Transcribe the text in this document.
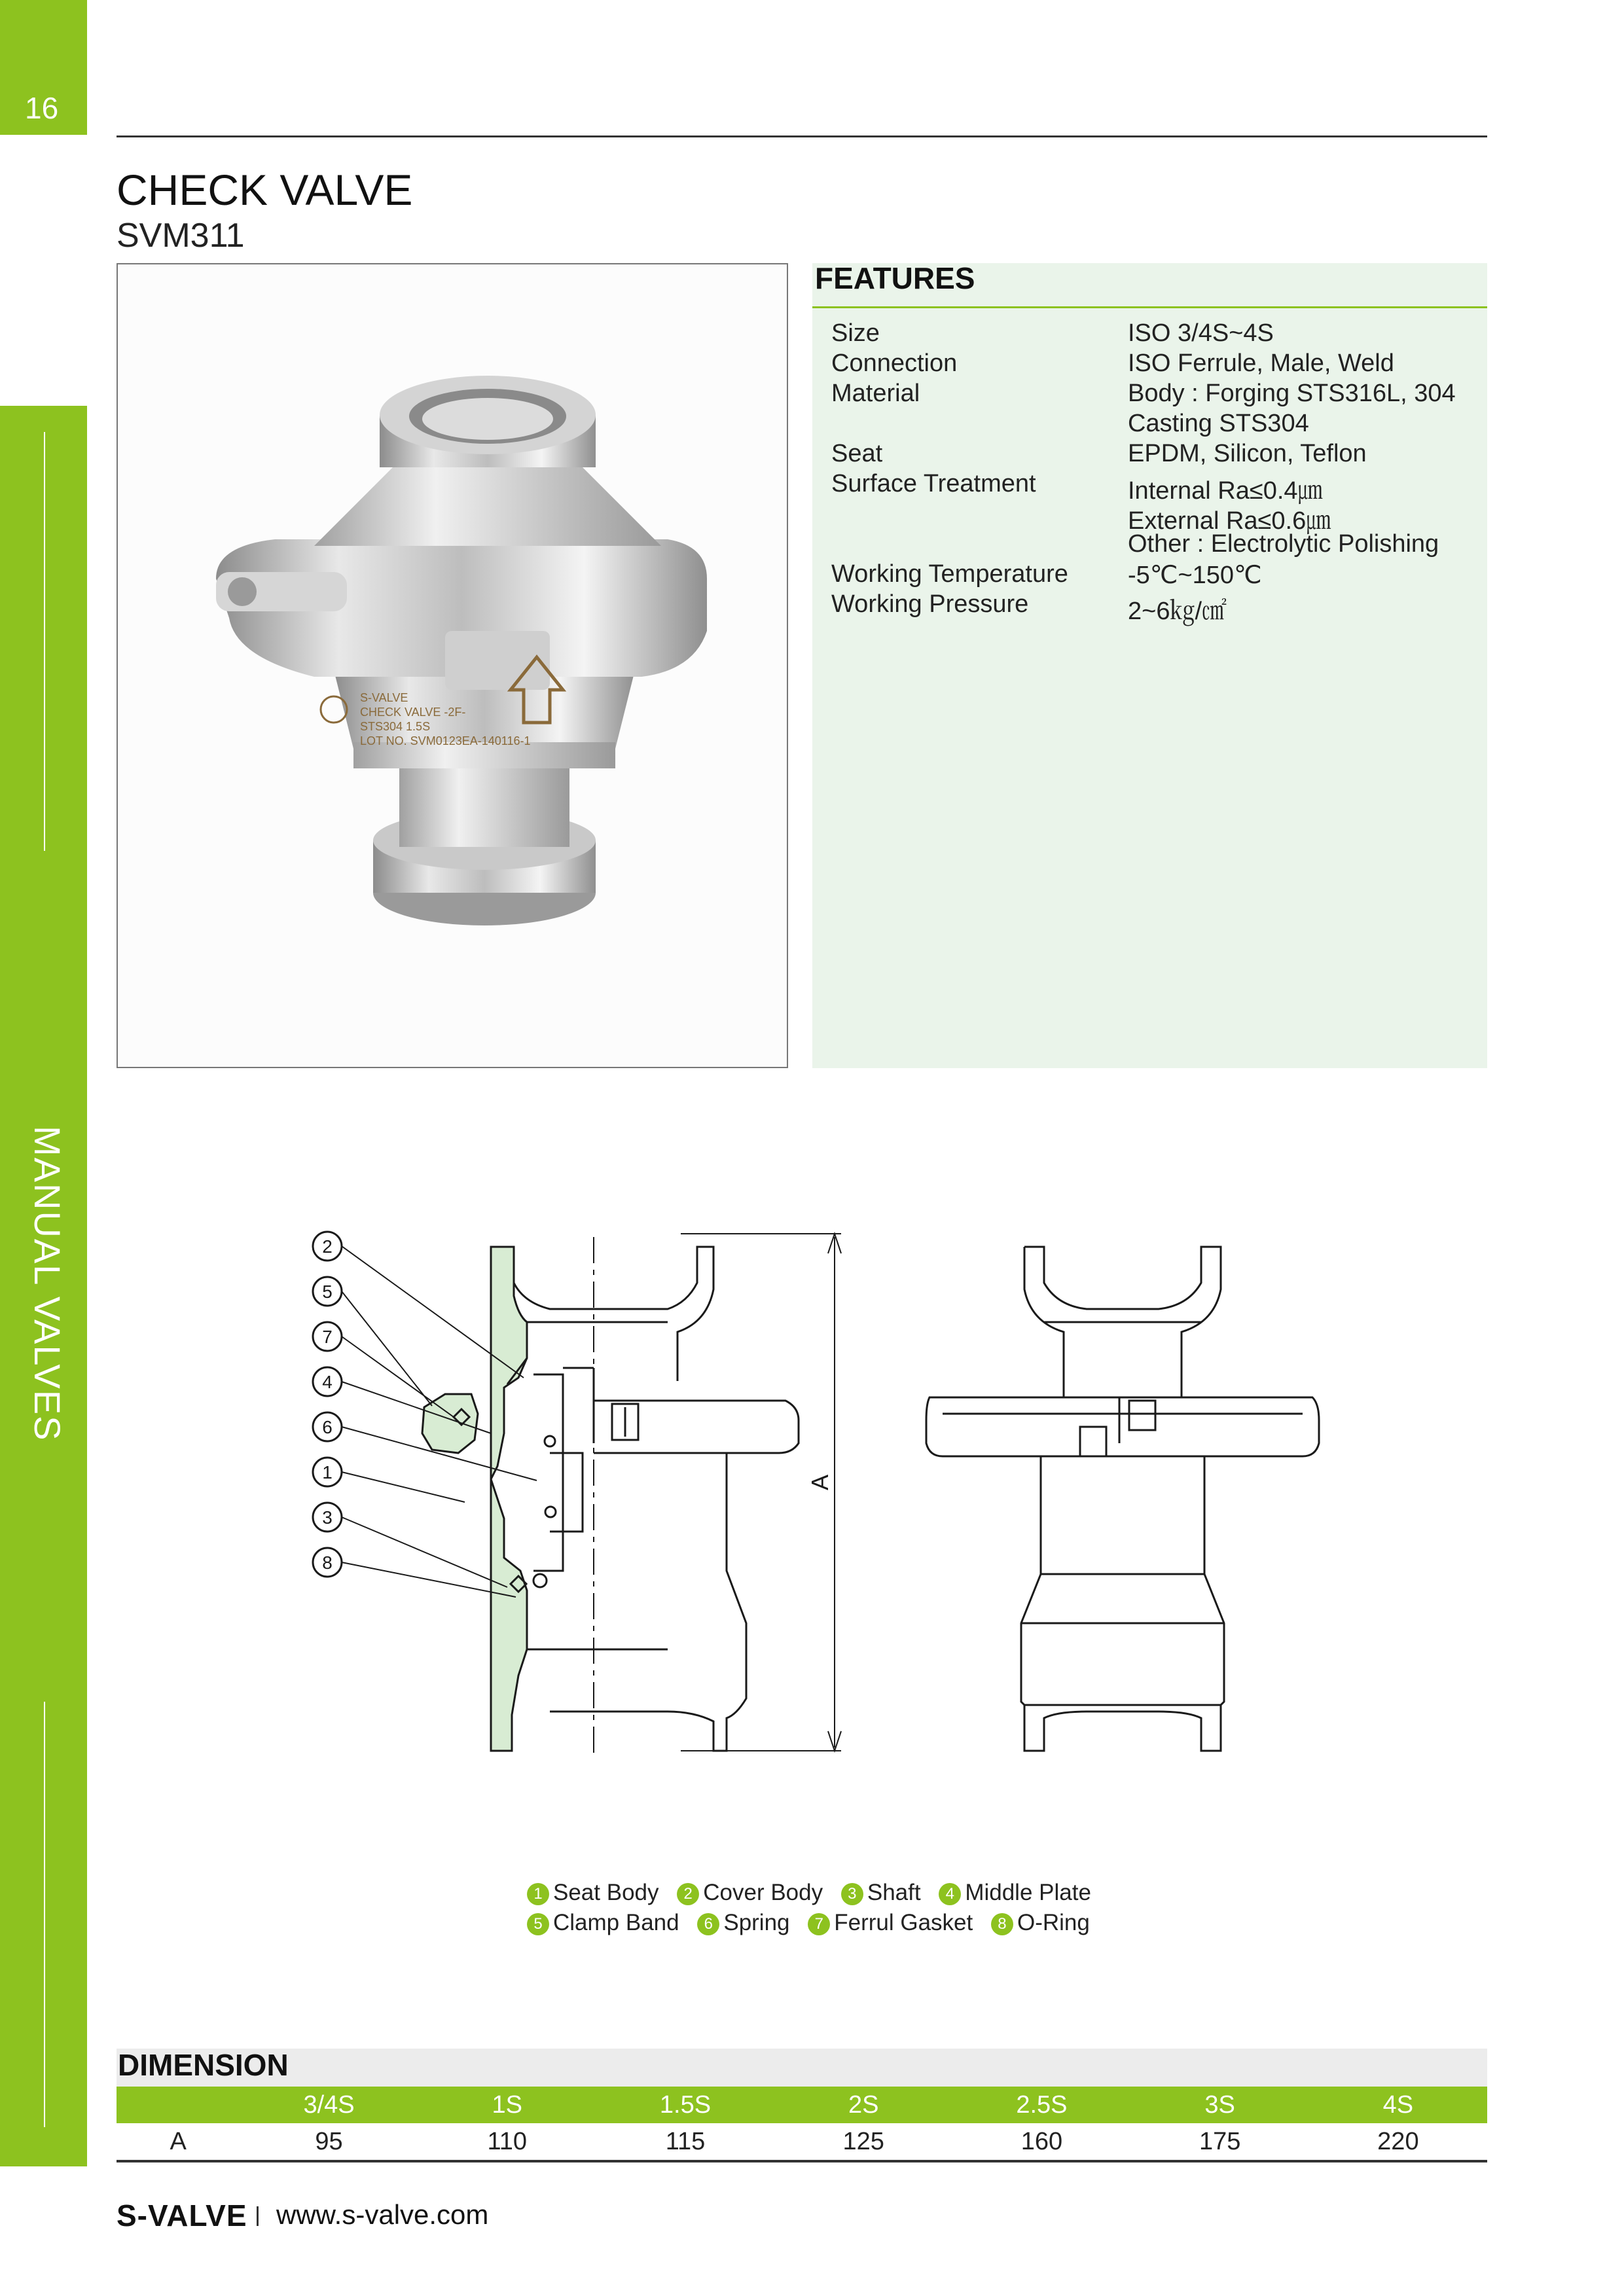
16
MANUAL VALVES
CHECK VALVE
SVM311
S-VALVE
CHECK VALVE -2F-
STS304 1.5S
LOT NO. SVM0123EA-140116-1
FEATURES
Size	ISO 3/4S~4S
Connection	ISO Ferrule, Male, Weld
Material	Body : Forging STS316L, 304
Casting STS304
Seat	EPDM, Silicon, Teflon
Surface Treatment	Internal Ra≤0.4㎛
External Ra≤0.6㎛
Other : Electrolytic Polishing
Working Temperature -5℃~150℃
Working Pressure	2~6㎏/㎠
2
5
7
4
6
1
3
8
A
1 Seat Body 2 Cover Body 3 Shaft 4 Middle Plate
5 Clamp Band 6 Spring 7 Ferrul Gasket 8 O-Ring
DIMENSION
	3/4S	1S	1.5S	2S	2.5S	3S	4S
A	95	110	115	125	160	175	220
S-VALVE www.s-valve.com
